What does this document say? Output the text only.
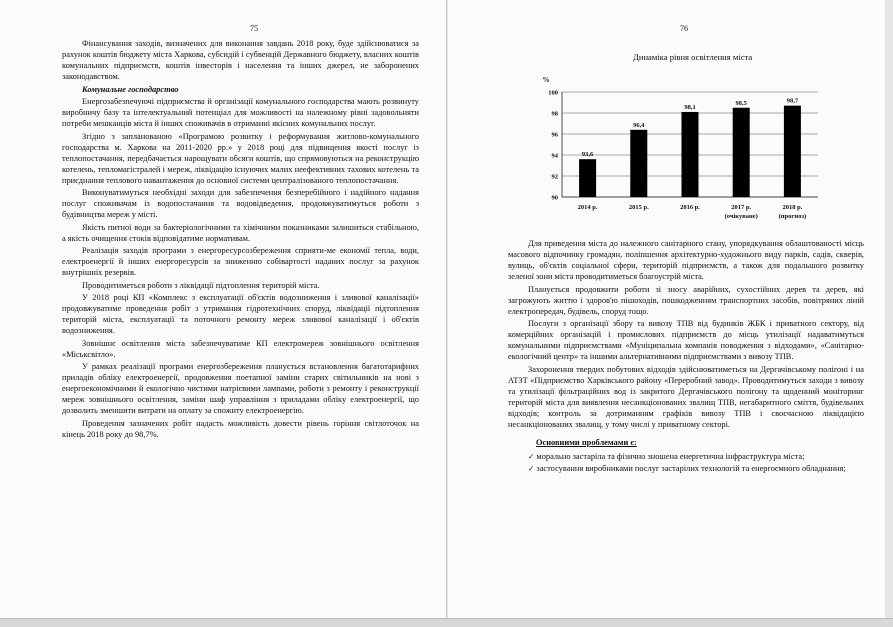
75

Фінансування заходів, визначених для виконання завдань 2018 року, буде здійснюватися за рахунок коштів бюджету міста Харкова, субсидій і субвенцій Державного бюджету, власних коштів комунальних підприємств, коштів інвесторів і населення та інших джерел, не заборонених законодавством.

Комунальне господарство

Енергозабезпечуючі підприємства й організації комунального господарства мають розвинуту виробничу базу та інтелектуальний потенціал для можливості на належному рівні задовольняти потреби мешканців міста й інших споживачів в отриманні якісних комунальних послуг.

Згідно з запланованою «Програмою розвитку і реформування житлово-комунального господарства м. Харкова на 2011-2020 рр.» у 2018 році для підвищення якості послуг із теплопостачання, передбачається нарощувати обсяги коштів, що спрямовуються на реконструкцію котелень, тепломагістралей і мереж, ліквідацію існуючих малих неефективних тахових котелень та приєднання теплового навантаження до основної системи централізованого теплопостачання.

Виконуватимуться необхідні заходи для забезпечення безперебійного і надійного надання послуг споживачам із водопостачання та водовідведення, продовжуватимуться роботи з будівництва мереж у місті.

Якість питної води за бактеріологічними та хімічними показниками залишиться стабільною, а якість очищення стоків відповідатиме нормативам.

Реалізація заходів програми з енергоресурсозбереження сприяти-ме економії тепла, води, електроенергії й інших енергоресурсів за зниженню собівартості наданих послуг за рахунок внутрішніх резервів.

Проводитиметься роботи з ліквідації підтоплення територій міста.

У 2018 році КП «Комплекс з експлуатації об'єктів водозниження і зливової каналізації» продовжуватиме проведення робіт з утримання гідротехнічних споруд, ліквідації підтоплення територій міста, експлуатації та поточного ремонту мереж зливової каналізації і об'єктів водозниження.

Зовнішнє освітлення міста забезпечуватиме КП електромереж зовнішнього освітлення «Міськсвітло».

У рамках реалізації програми енергозбереження планується встановлення багатотарифних приладів обліку електроенергії, продовження поетапної заміни старих світильників на нові з енергоекономічними й екологічно чистими натрієвими лампами, роботи з ремонту і реконструкції мереж зовнішнього освітлення, заміни шаф управління з приладами обліку електроенергії, що дозволить зменшити витрати на оплату за спожиту електроенергію.

Проведення зазначених робіт надасть можливість довести рівень горіння світлоточок на кінець 2018 року до 98,7%.

76
Динаміка рівня освітлення міста
%
90
92
94
96
98
100
93,6
2014 р.
96,4
2015 р.
98,1
2016 р.
98,5
2017 р.
(очікуване)
98,7
2018 р.
(прогноз)

Для приведення міста до належного санітарного стану, упорядкування облаштованості місць масового відпочинку громадян, поліпшення архітектурно-художнього виду парків, садів, скверів, вулиць, об'єктів соціальної сфери, територій підприємств, а також для подальшого розвитку зеленої зони міста проводитиметься благоустрій міста.

Планується продовжити роботи зі зносу аварійних, сухостійних дерев та дерев, які загрожують життю і здоров'ю пішоходів, пошкодженням транспортних засобів, повітряних ліній електропередач, будівель, споруд тощо.

Послуги з організації збору та вивозу ТПВ від будинків ЖБК і приватного сектору, від комерційних організацій і промислових підприємств до місць утилізації надаватимуться комунальними підприємствами «Муніципальна компанія поводження з відходами», «Санітарно-екологічний центр» та іншими альтернативними підприємствами з вивозу ТПВ.

Захоронення твердих побутових відходів здійснюватиметься на Дергачівському полігоні і на АТЗТ «Підприємство Харківського району «Переробний завод». Проводитимуться заходи з вивозу та утилізації фільтраційних вод із закритого Дергачівського полігону та щоденний моніторинг територій міста для виявлення несанкціонованих звалищ ТПВ, негабаритного сміття, будівельних відходів; контроль за дотриманням графіків вивозу ТПВ і своєчасною ліквідацією несанкціонованих звалищ, у тому числі у приватному секторі.

Основними проблемами є:

✓ морально застаріла та фізично зношена енергетична інфраструктура міста;

✓ застосування виробниками послуг застарілих технологій та енергоємного обладнання;
